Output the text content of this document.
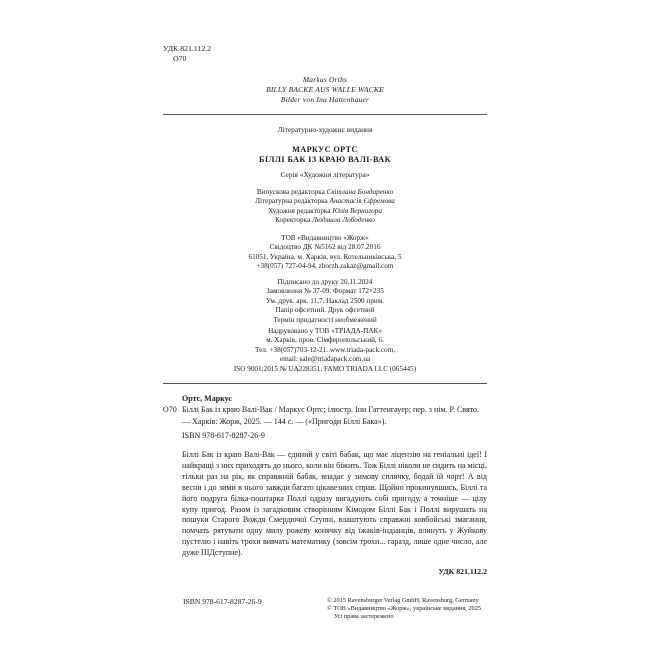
УДК 821.112.2
О70
Markus Orths
BILLY BACKE AUS WALLE WACKE
Bilder von Ina Hattenhauer
Літературно-художнє видання
МАРКУС ОРТС
БІЛЛІ БАК ІЗ КРАЮ ВАЛІ-ВАК
Серія «Художня література»
Випускова редакторка Світлана Бондаренко
Літературна редакторка Анастасія Єфремова
Художня редакторка Юлія Вернигора
Коректорка Людмила Лободенко
ТОВ «Видавництво «Жорж»
Свідоцтво ДК №5162 від 28.07.2016
61051, Україна, м. Харків, вул. Котельникiвська, 5
+38(057) 727-04-94, zhorzh.zakaz@gmail.com
Підписано до друку 20.11.2024
Замовлення № 37-09. Формат 172×235
Ум. друк. арк. 11,7. Наклад 2500 прим.
Папір офсетний. Друк офсетний
Термін придатності необмежений
Надруковано у ТОВ «ТРІАДА-ПАК»
м. Харків, пров. Сімферопольський, 6.
Тел. +38(057)703-12-21. www.triada-pack.com,
email: sale@triadapack.com.ua
ISO 9001:2015 № UA228351, FAMO TRIADA LLC (065445)
Ортс, Маркус
О70 Біллі Бак із краю Валі-Вак / Маркус Ортс; ілюстр. Іни Гаттенгауер; пер. з нім. Р. Свято. — Харків: Жорж, 2025. — 144 с. — («Пригоди Біллі Бака»).
ISBN 978-617-8287-26-9
Біллі Бак із краю Валі-Вак — єдиний у світі бабак, що має ліцензію на геніальні ідеї! І найкращі з них приходять до нього, коли він біжить. Тож Біллі ніколи не сидить на місці, тільки раз на рік, як справжній бабак, впадає у зимову сплячку, бодай їй чорт! А від весни і до зими в нього завжди багато цікавезних справ. Щойно прокинувшись, Біллі та його подруга білка-поштарка Поллі одразу вигадують собі пригоду, а точніше — цілу купу пригод. Разом із загадковим створінням Кімодом Біллі Бак і Поллі вирушать на пошуки Старого Вождя Смердючої Ступні, влаштують справжні ковбойські змагання, помчать рятувати одну милу рожеву конячку від їжаків-індіанців, влинуть у Жуйкову пустелю і навіть трохи вивчать математику (зовсім трохи... гаразд, лише одне число, але дуже ПІДступне).
УДК 821.112.2
ISBN 978-617-8287-26-9	© 2015 Ravensburger Verlag GmbH, Ravensburg, Germany
© ТОВ «Видавництво «Жорж», українське видання, 2025
Усі права застережено
